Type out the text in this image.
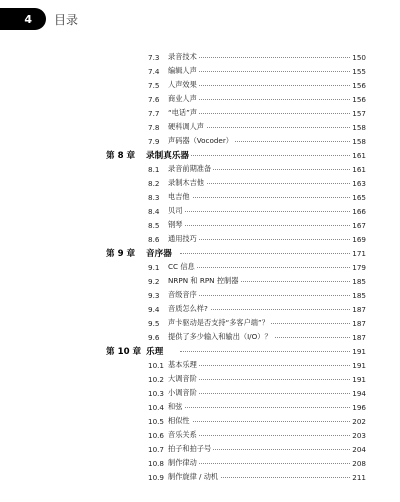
4 目录
7.3	录音技术	150
7.4	编辑人声	155
7.5	人声效果	156
7.6	商业人声	156
7.7	“电话”声	157
7.8	硬科调人声	158
7.9	声码器（Vocoder）	158
第 8 章 录制真乐器	161
8.1	录音前期准备	161
8.2	录制木吉他	163
8.3	电吉他	165
8.4	贝司	166
8.5	钢琴	167
8.6	通用技巧	169
第 9 章 音序器	171
9.1	CC 信息	179
9.2	NRPN 和 RPN 控制器	185
9.3	音级音序	185
9.4	音质怎么样?	187
9.5	声卡驱动是否支持“多客户端”？	187
9.6	提供了多少输入和输出（I/O）？	187
第 10 章 乐理	191
10.1 基本乐理	191
10.2 大调音阶	191
10.3 小调音阶	194
10.4 和弦	196
10.5 相似性	202
10.6 音乐关系	203
10.7 拍子和拍子号	204
10.8 制作律动	208
10.9 制作旋律 / 动机	211
